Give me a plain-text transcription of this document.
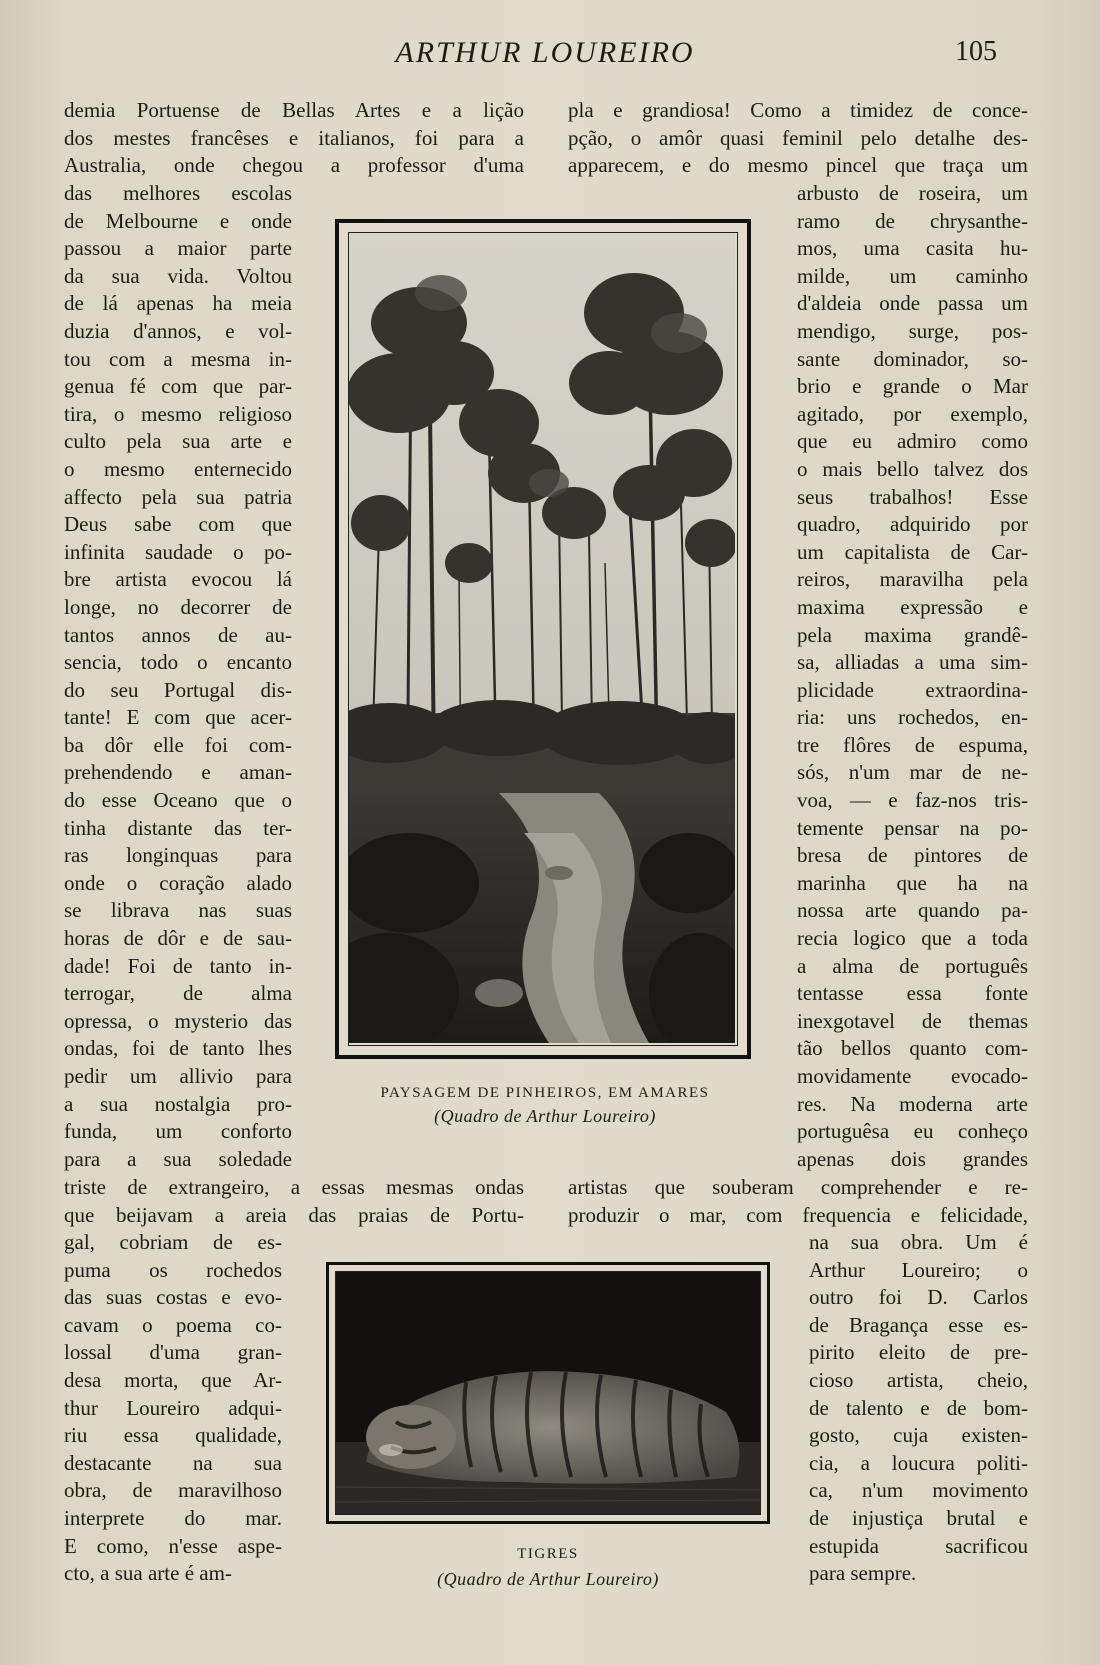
ARTHUR LOUREIRO	105

demia Portuense de Bellas Artes e a lição

dos mestes francêses e italianos, foi para a

Australia, onde chegou a professor d'uma

das melhores escolas

de Melbourne e onde

passou a maior parte

da sua vida. Voltou

de lá apenas ha meia

duzia d'annos, e vol-

tou com a mesma in-

genua fé com que par-

tira, o mesmo religioso

culto pela sua arte e

o mesmo enternecido

affecto pela sua patria

Deus sabe com que

infinita saudade o po-

bre artista evocou lá

longe, no decorrer de

tantos annos de au-

sencia, todo o encanto

do seu Portugal dis-

tante! E com que acer-

ba dôr elle foi com-

prehendendo e aman-

do esse Oceano que o

tinha distante das ter-

ras longinquas para

onde o coração alado

se librava nas suas

horas de dôr e de sau-

dade! Foi de tanto in-

terrogar, de alma

opressa, o mysterio das

ondas, foi de tanto lhes

pedir um allivio para

a sua nostalgia pro-

funda, um conforto

para a sua soledade

triste de extrangeiro, a essas mesmas ondas

que beijavam a areia das praias de Portu-

gal, cobriam de es-

puma os rochedos

das suas costas e evo-

cavam o poema co-

lossal d'uma gran-

desa morta, que Ar-

thur Loureiro adqui-

riu essa qualidade,

destacante na sua

obra, de maravilhoso

interprete do mar.

E como, n'esse aspe-

cto, a sua arte é am-

pla e grandiosa! Como a timidez de conce-

pção, o amôr quasi feminil pelo detalhe des-

apparecem, e do mesmo pincel que traça um

arbusto de roseira, um

ramo de chrysanthe-

mos, uma casita hu-

milde, um caminho

d'aldeia onde passa um

mendigo, surge, pos-

sante dominador, so-

brio e grande o Mar

agitado, por exemplo,

que eu admiro como

o mais bello talvez dos

seus trabalhos! Esse

quadro, adquirido por

um capitalista de Car-

reiros, maravilha pela

maxima expressão e

pela maxima grandê-

sa, alliadas a uma sim-

plicidade extraordina-

ria: uns rochedos, en-

tre flôres de espuma,

sós, n'um mar de ne-

voa, — e faz-nos tris-

temente pensar na po-

bresa de pintores de

marinha que ha na

nossa arte quando pa-

recia logico que a toda

a alma de português

tentasse essa fonte

inexgotavel de themas

tão bellos quanto com-

movidamente evocado-

res. Na moderna arte

portuguêsa eu conheço

apenas dois grandes

artistas que souberam comprehender e re-

produzir o mar, com frequencia e felicidade,

na sua obra. Um é

Arthur Loureiro; o

outro foi D. Carlos

de Bragança esse es-

pirito eleito de pre-

cioso artista, cheio,

de talento e de bom-

gosto, cuja existen-

cia, a loucura politi-

ca, n'um movimento

de injustiça brutal e

estupida sacrificou

para sempre.

PAYSAGEM DE PINHEIROS, EM AMARES
(Quadro de Arthur Loureiro)
TIGRES
(Quadro de Arthur Loureiro)
